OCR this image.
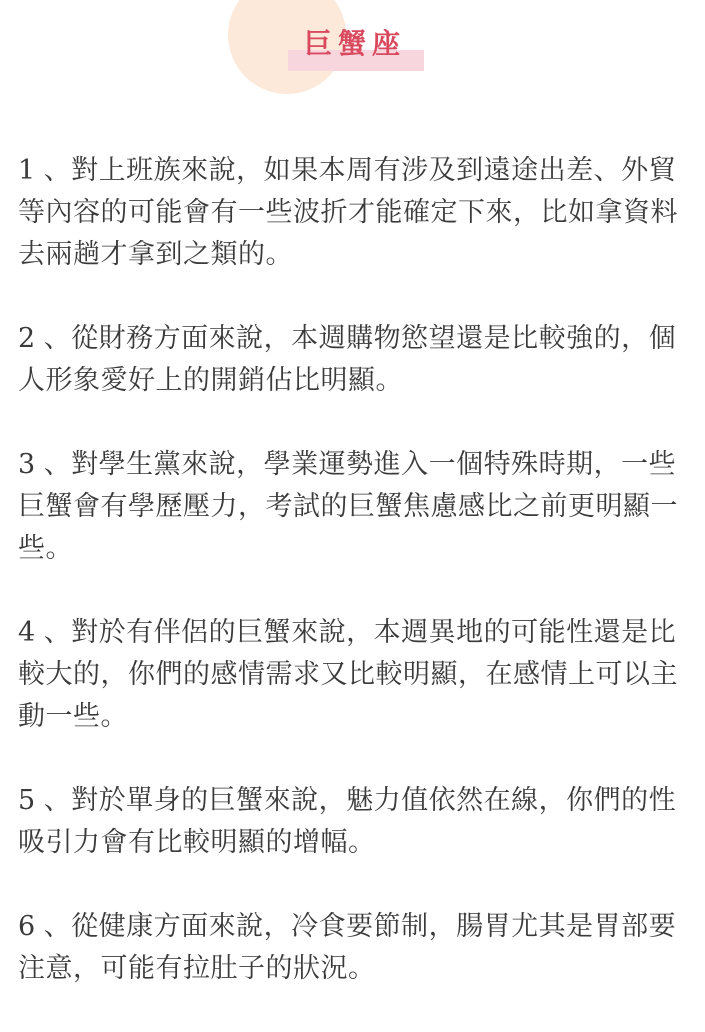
巨蟹座

1 、對上班族來說，如果本周有涉及到遠途出差、外貿等內容的可能會有一些波折才能確定下來，比如拿資料去兩趟才拿到之類的。

2 、從財務方面來說，本週購物慾望還是比較強的，個人形象愛好上的開銷佔比明顯。

3 、對學生黨來說，學業運勢進入一個特殊時期，一些巨蟹會有學歷壓力，考試的巨蟹焦慮感比之前更明顯一些。

4 、對於有伴侶的巨蟹來說，本週異地的可能性還是比較大的，你們的感情需求又比較明顯，在感情上可以主動一些。

5 、對於單身的巨蟹來說，魅力值依然在線，你們的性吸引力會有比較明顯的增幅。

6 、從健康方面來說，冷食要節制，腸胃尤其是胃部要注意，可能有拉肚子的狀況。
